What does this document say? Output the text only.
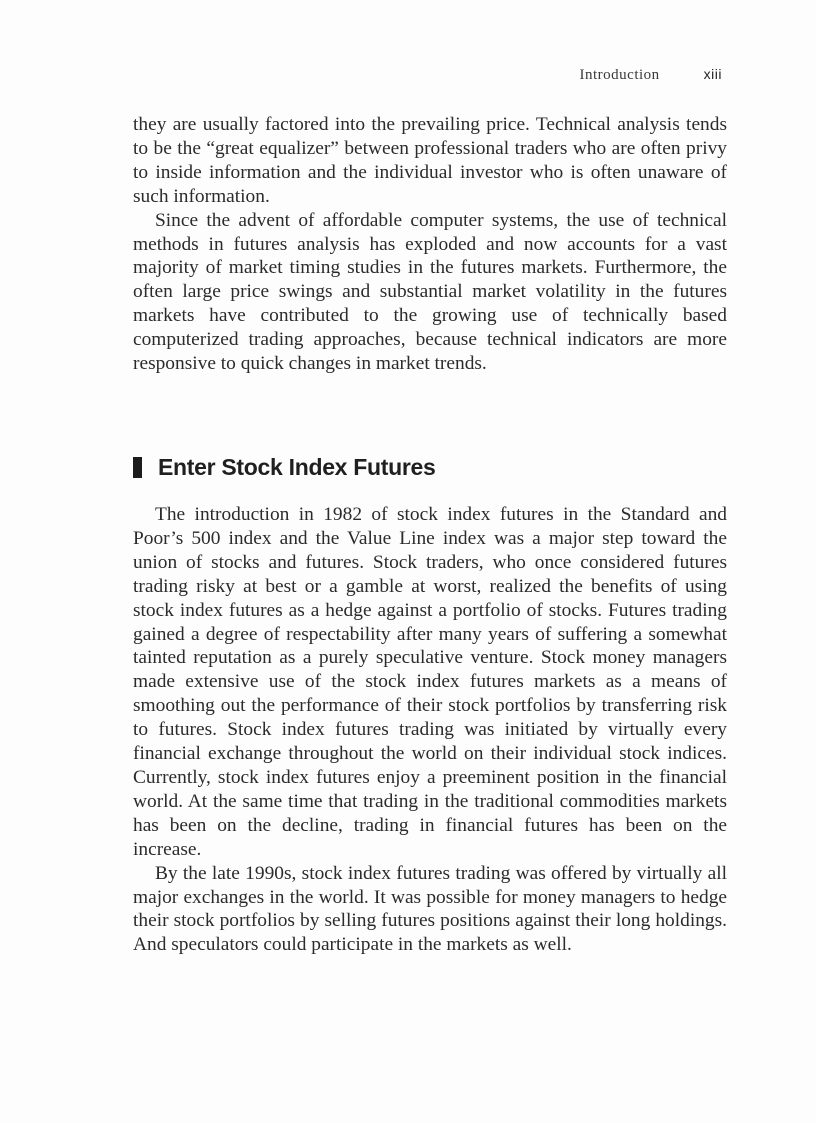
Introduction	xiii

they are usually factored into the prevailing price. Technical analysis tends to be the “great equalizer” between professional traders who are often privy to inside information and the individual investor who is often unaware of such information.

Since the advent of affordable computer systems, the use of technical methods in futures analysis has exploded and now accounts for a vast majority of market timing studies in the futures markets. Furthermore, the often large price swings and substantial market volatility in the futures markets have contributed to the growing use of technically based computerized trading approaches, because technical indicators are more responsive to quick changes in market trends.

Enter Stock Index Futures

The introduction in 1982 of stock index futures in the Standard and Poor’s 500 index and the Value Line index was a major step toward the union of stocks and futures. Stock traders, who once considered futures trading risky at best or a gamble at worst, realized the benefits of using stock index futures as a hedge against a portfolio of stocks. Futures trading gained a degree of respectability after many years of suffering a somewhat tainted reputation as a purely speculative venture. Stock money managers made extensive use of the stock index futures markets as a means of smoothing out the performance of their stock portfolios by transferring risk to futures. Stock index futures trading was initiated by virtually every financial exchange throughout the world on their individual stock indices. Currently, stock index futures enjoy a preeminent position in the financial world. At the same time that trading in the traditional commodities markets has been on the decline, trading in financial futures has been on the increase.

By the late 1990s, stock index futures trading was offered by virtually all major exchanges in the world. It was possible for money managers to hedge their stock portfolios by selling futures positions against their long holdings. And speculators could participate in the markets as well.
